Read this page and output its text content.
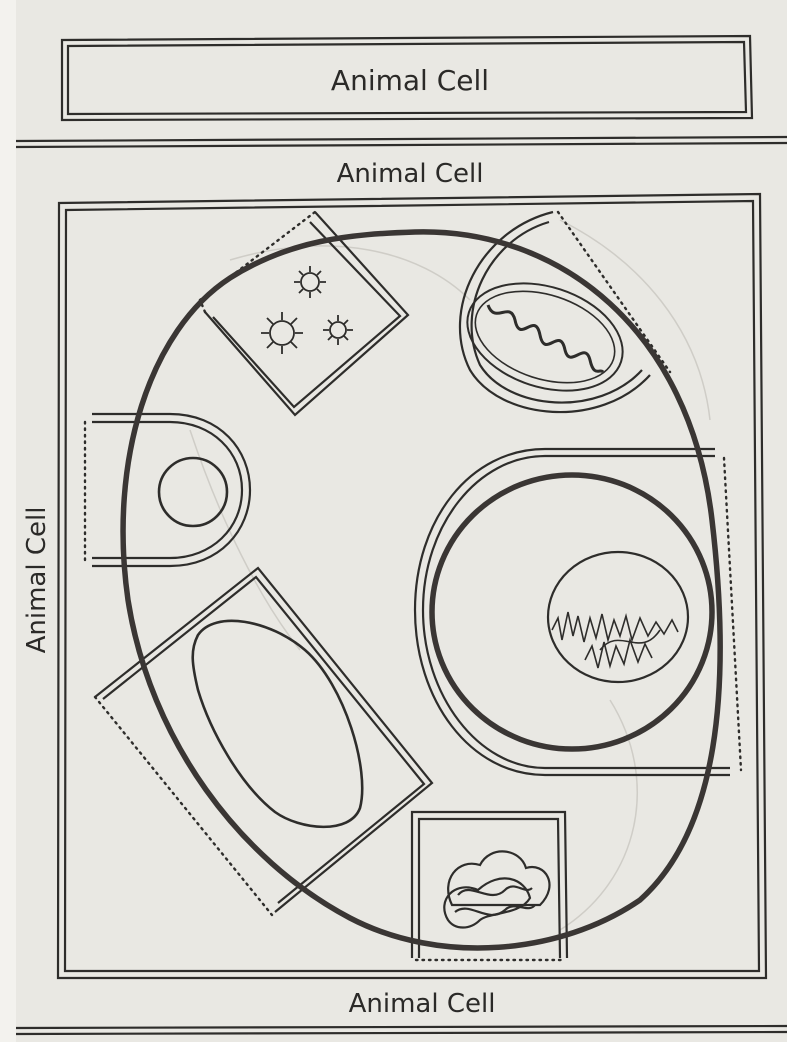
Animal Cell
Animal Cell
Animal Cell
Animal Cell
